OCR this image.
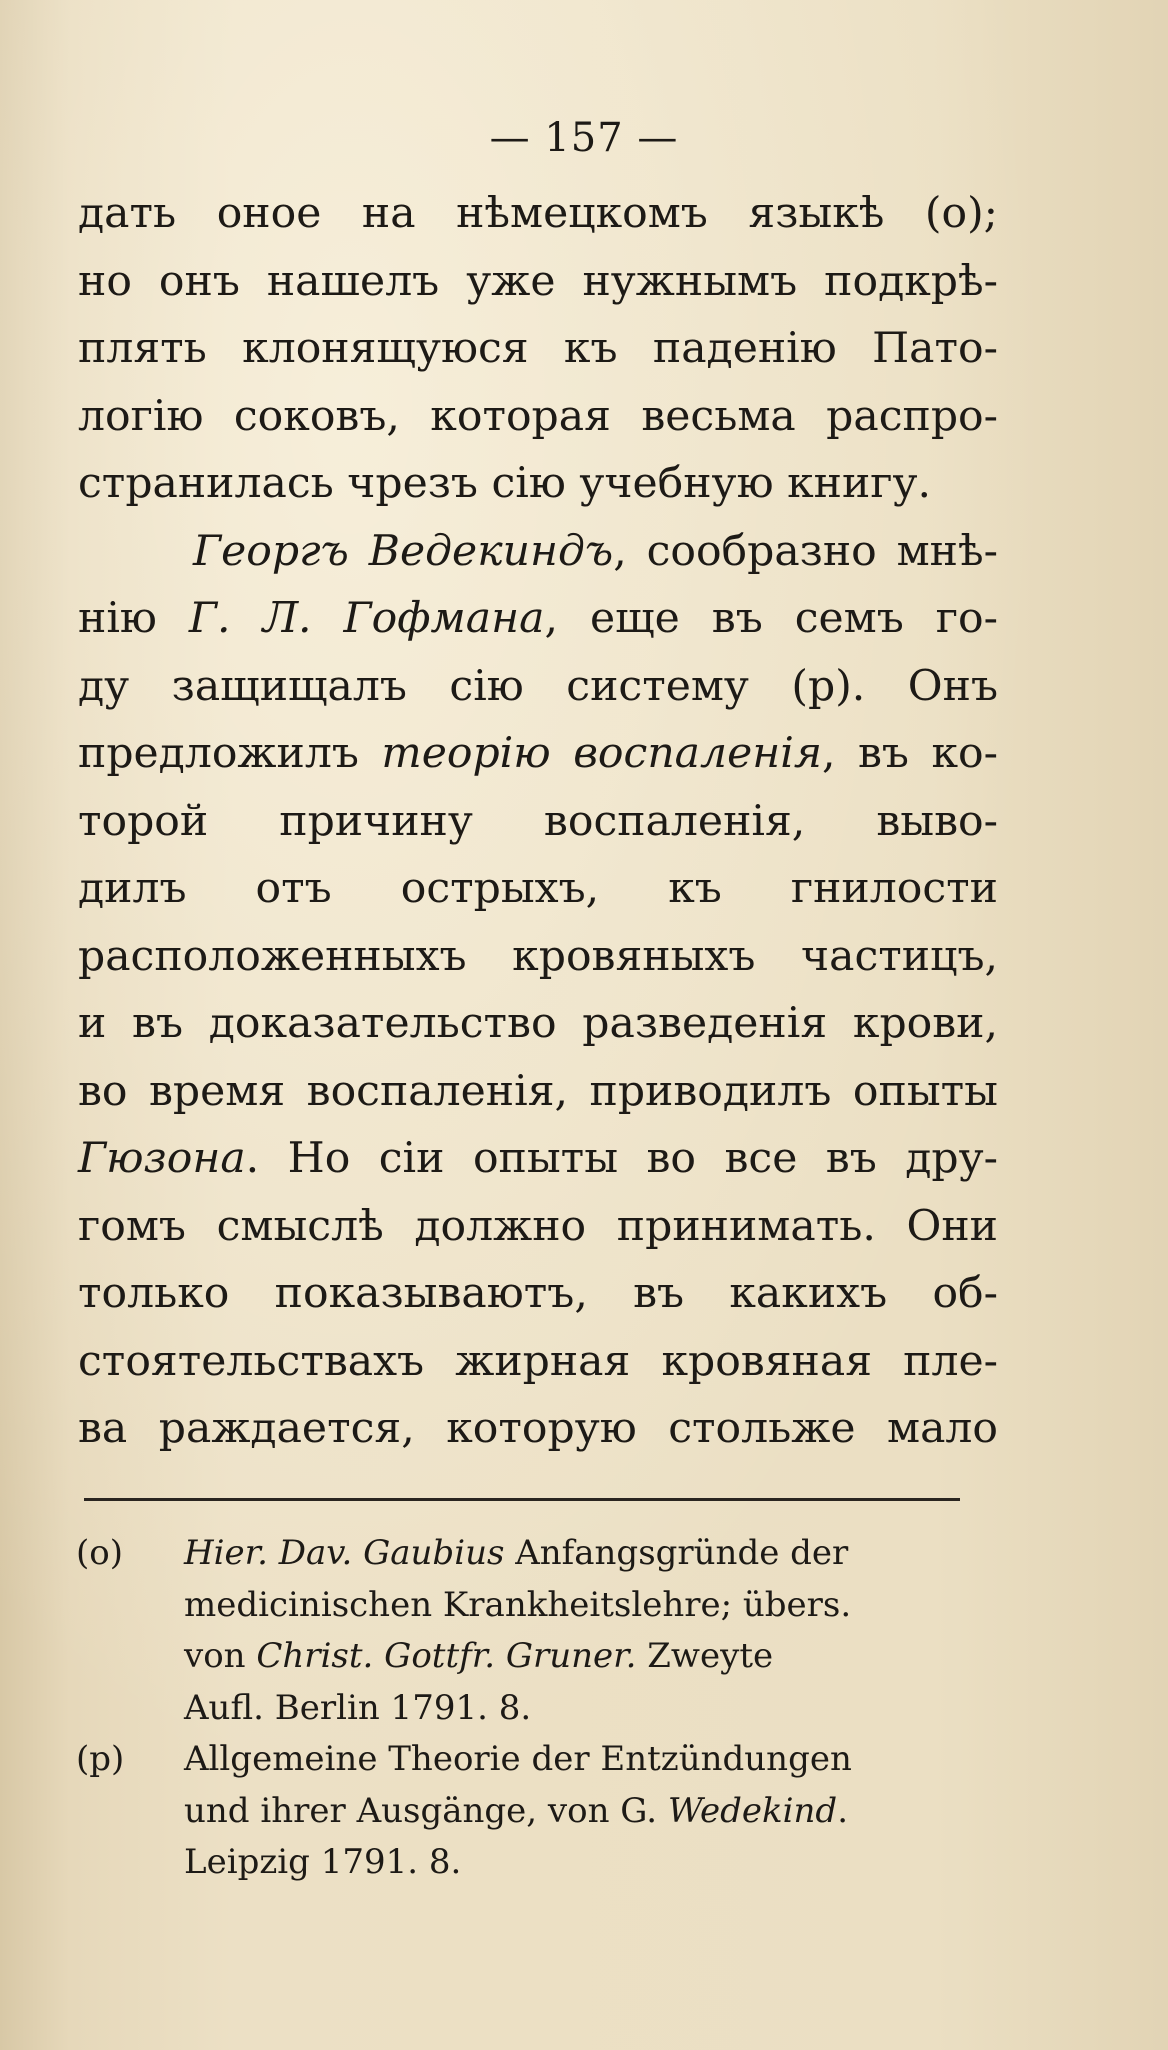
— 157 —
дать оное на нѣмецкомъ языкѣ (o);
но онъ нашелъ уже нужнымъ подкрѣ-
плять клонящуюся къ паденію Пато-
логію соковъ, которая весьма распро-
странилась чрезъ сію учебную книгу.
Георгъ Ведекиндъ, сообразно мнѣ-
нію Г. Л. Гофмана, еще въ семъ го-
ду защищалъ сію систему (p). Онъ
предложилъ теорію воспаленія, въ ко-
торой причину воспаленія, выво-
дилъ отъ острыхъ, къ гнилости
расположенныхъ кровяныхъ частицъ,
и въ доказательство разведенія крови,
во время воспаленія, приводилъ опыты
Гюзона. Но сіи опыты во все въ дру-
гомъ смыслѣ должно принимать. Они
только показываютъ, въ какихъ об-
стоятельствахъ жирная кровяная пле-
ва раждается, которую стольже мало
(o) Hier. Dav. Gaubius Anfangsgründe der
medicinischen Krankheitslehre; übers.
von Christ. Gottfr. Gruner. Zweyte
Aufl. Berlin 1791. 8.
(p) Allgemeine Theorie der Entzündungen
und ihrer Ausgänge, von G. Wedekind.
Leipzig 1791. 8.
